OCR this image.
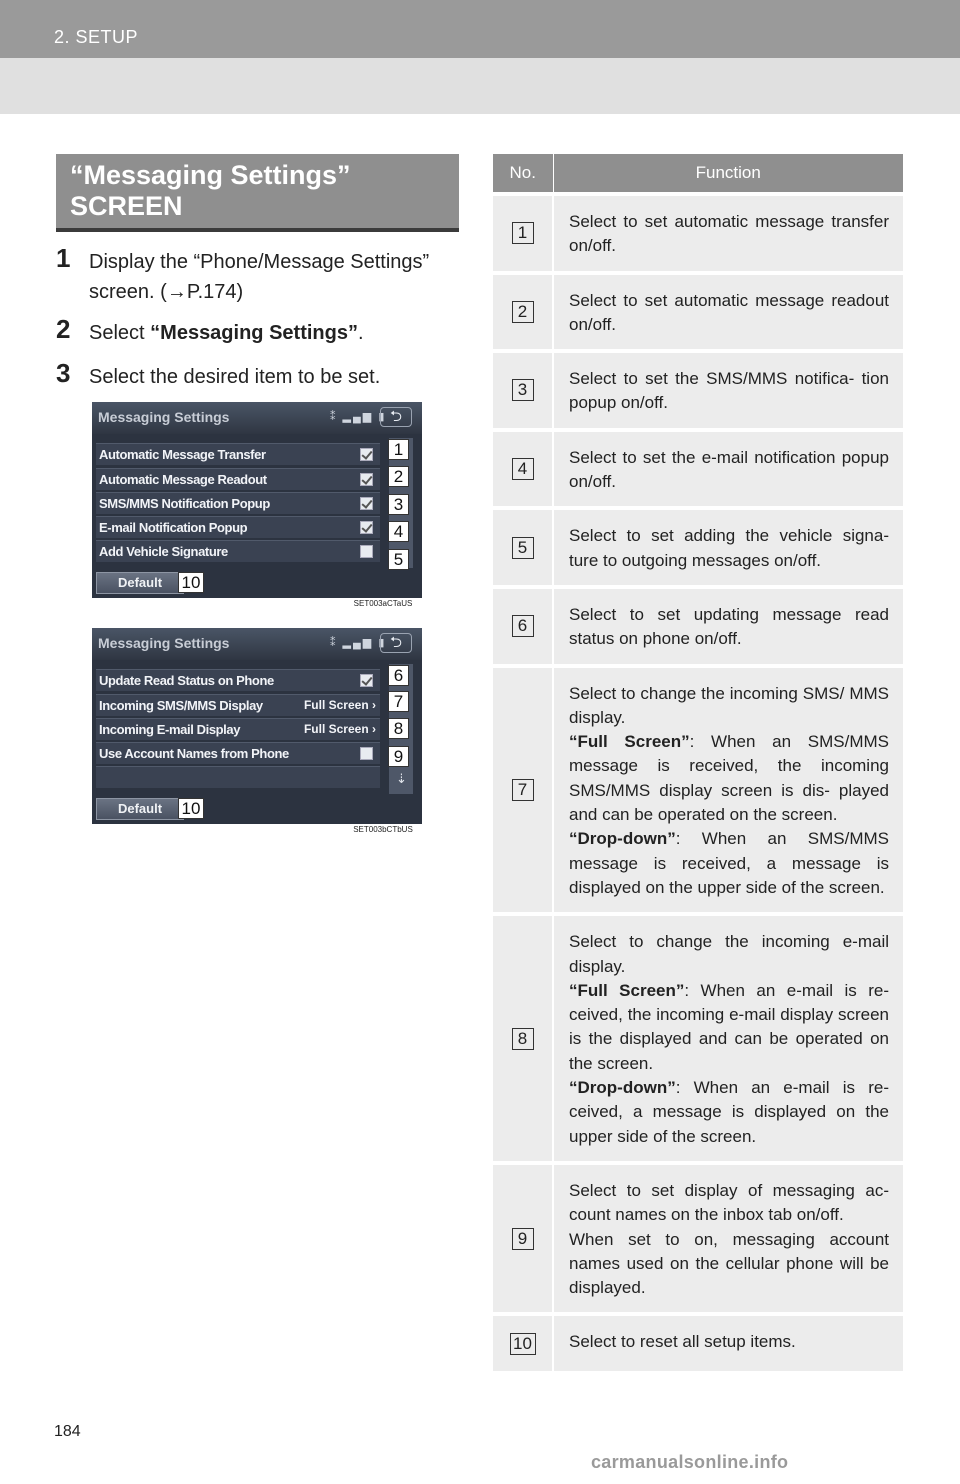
2. SETUP
“Messaging Settings”
SCREEN
1 Display the “Phone/Message Settings” screen. (→P.174)
2 Select “Messaging Settings”.
3 Select the desired item to be set.
Messaging Settings	⁑ ▂▄▆ ▮ ⮌
Automatic Message Transfer
Automatic Message Readout
SMS/MMS Notification Popup
E-mail Notification Popup
Add Vehicle Signature
1
2
3
4
5
Default	10
SET003aCTaUS
Messaging Settings	⁑ ▂▄▆ ▮ ⮌
Update Read Status on Phone
Incoming SMS/MMS Display	Full Screen ›
Incoming E-mail Display	Full Screen ›
Use Account Names from Phone
6
7
8
9
⇣
Default	10
SET003bCTbUS
No.	Function
1	Select to set automatic message transfer on/off.
2	Select to set automatic message readout on/off.
3	Select to set the SMS/MMS notifica- tion popup on/off.
4	Select to set the e-mail notification popup on/off.
5	Select to set adding the vehicle signa- ture to outgoing messages on/off.
6	Select to set updating message read status on phone on/off.
7	Select to change the incoming SMS/ MMS display.
“Full Screen”: When an SMS/MMS message is received, the incoming SMS/MMS display screen is dis- played and can be operated on the screen.
“Drop-down”: When an SMS/MMS message is received, a message is displayed on the upper side of the screen.
8	Select to change the incoming e-mail display.
“Full Screen”: When an e-mail is re- ceived, the incoming e-mail display screen is the displayed and can be operated on the screen.
“Drop-down”: When an e-mail is re- ceived, a message is displayed on the upper side of the screen.
9	Select to set display of messaging ac- count names on the inbox tab on/off.
When set to on, messaging account names used on the cellular phone will be displayed.
10	Select to reset all setup items.
184
carmanualsonline.info
